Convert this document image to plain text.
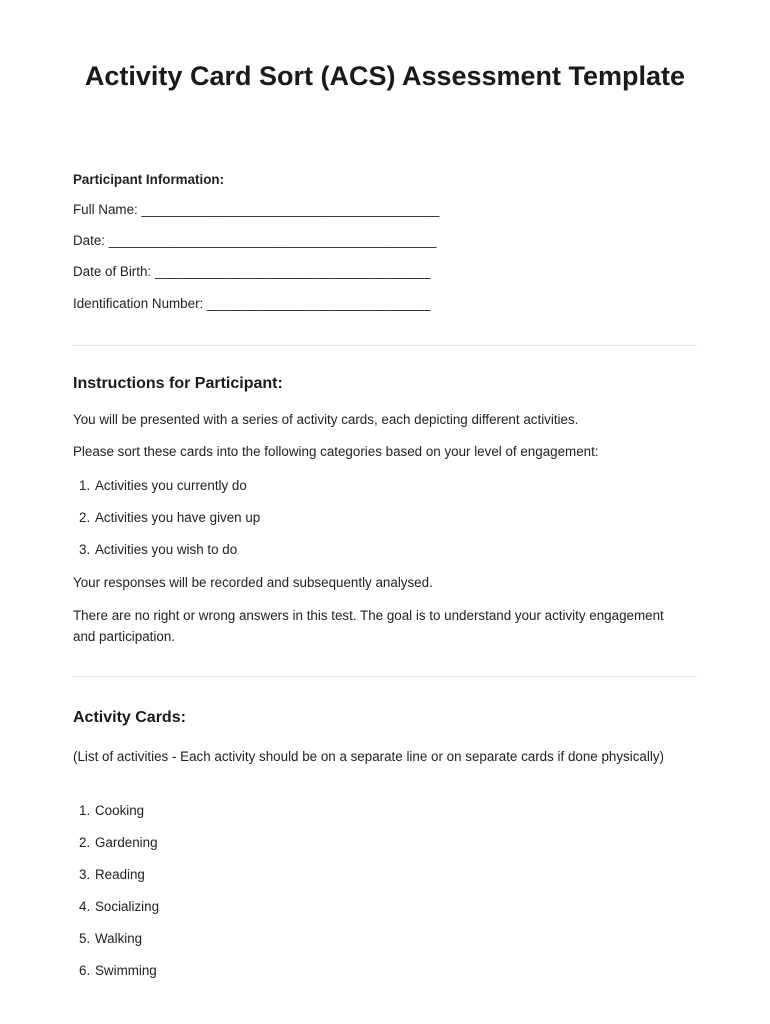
Activity Card Sort (ACS) Assessment Template
Participant Information:
Full Name: ________________________________________
Date: ____________________________________________
Date of Birth: _____________________________________
Identification Number: ______________________________
Instructions for Participant:
You will be presented with a series of activity cards, each depicting different activities.
Please sort these cards into the following categories based on your level of engagement:
1. Activities you currently do
2. Activities you have given up
3. Activities you wish to do
Your responses will be recorded and subsequently analysed.
There are no right or wrong answers in this test. The goal is to understand your activity engagement and participation.
Activity Cards:
(List of activities - Each activity should be on a separate line or on separate cards if done physically)
1. Cooking
2. Gardening
3. Reading
4. Socializing
5. Walking
6. Swimming
